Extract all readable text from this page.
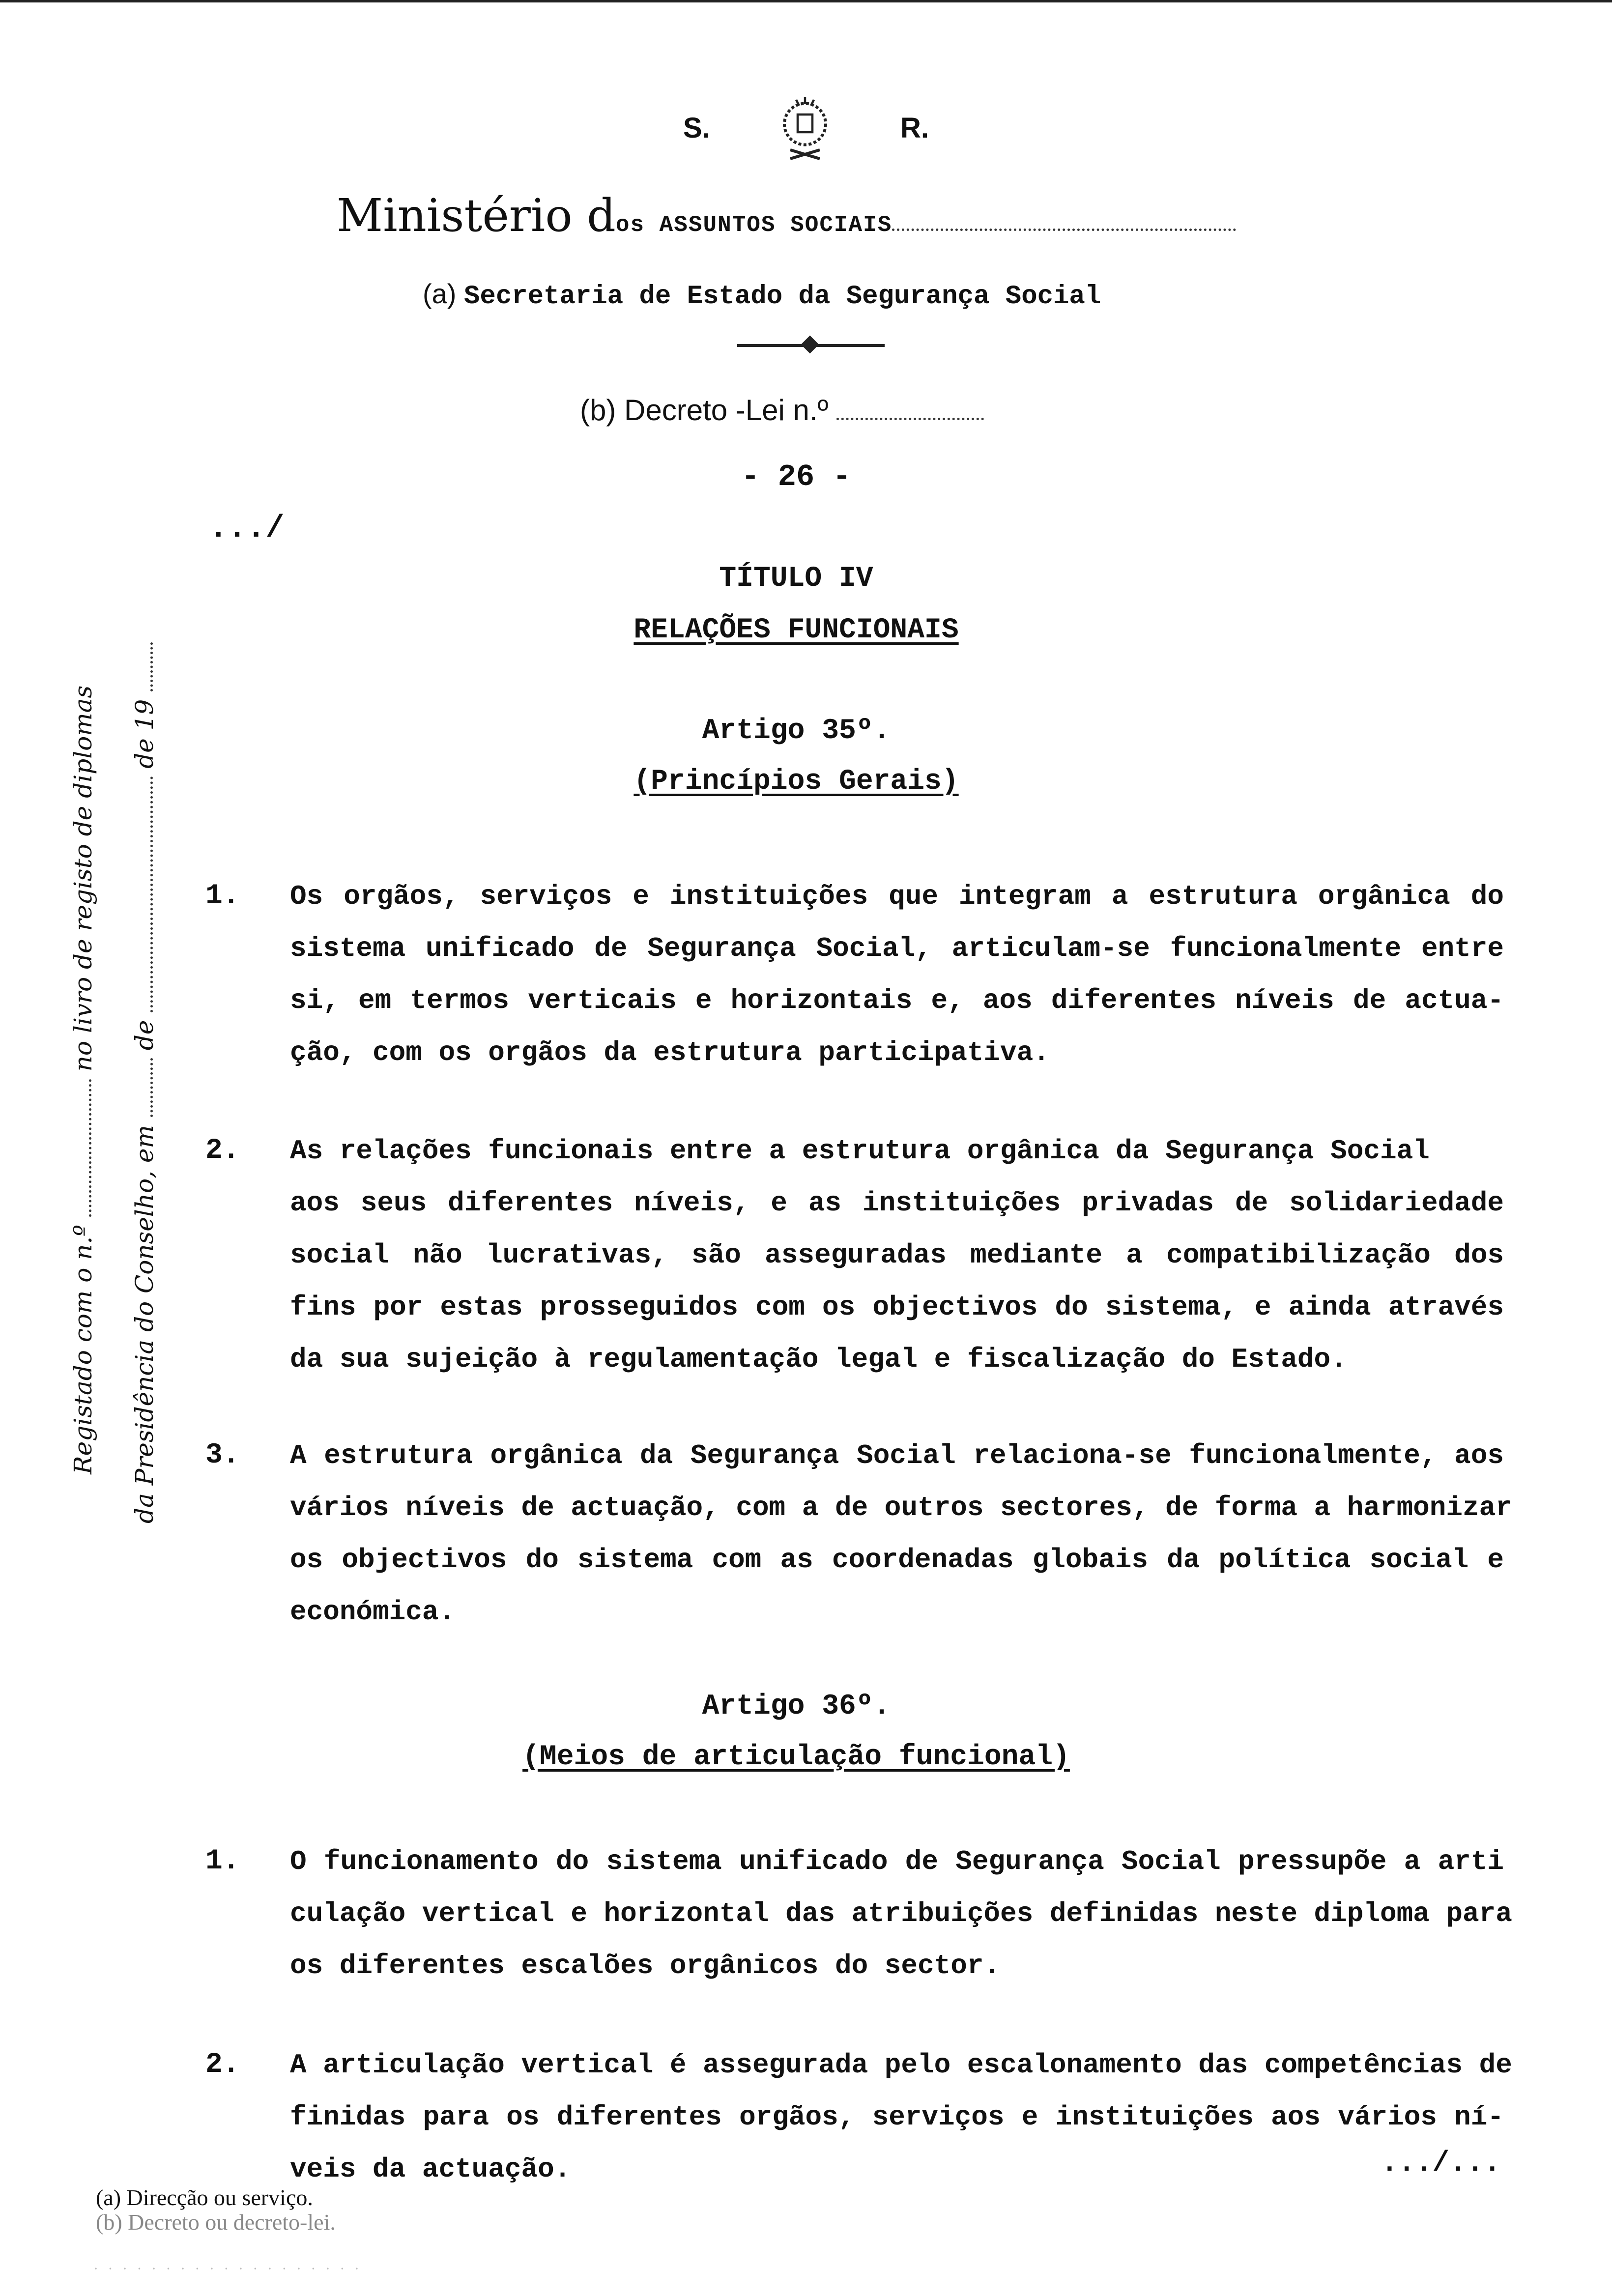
S.	R.
Ministério dos ASSUNTOS SOCIAIS
(a) Secretaria de Estado da Segurança Social
(b) Decreto -Lei n.º
- 26 -
.../
TÍTULO IV
RELAÇÕES FUNCIONAIS
Artigo 35º.
(Princípios Gerais)
1. Os orgãos, serviços e instituições que integram a estrutura orgânica do
sistema unificado de Segurança Social, articulam-se funcionalmente entre
si, em termos verticais e horizontais e, aos diferentes níveis de actua-
ção, com os orgãos da estrutura participativa.
2. As relações funcionais entre a estrutura orgânica da Segurança Social
aos seus diferentes níveis, e as instituições privadas de solidariedade
social não lucrativas, são asseguradas mediante a compatibilização dos
fins por estas prosseguidos com os objectivos do sistema, e ainda através
da sua sujeição à regulamentação legal e fiscalização do Estado.
3. A estrutura orgânica da Segurança Social relaciona-se funcionalmente, aos
vários níveis de actuação, com a de outros sectores, de forma a harmonizar
os objectivos do sistema com as coordenadas globais da política social e
económica.
Artigo 36º.
(Meios de articulação funcional)
1. O funcionamento do sistema unificado de Segurança Social pressupõe a arti
culação vertical e horizontal das atribuições definidas neste diploma para
os diferentes escalões orgânicos do sector.
2. A articulação vertical é assegurada pelo escalonamento das competências de
finidas para os diferentes orgãos, serviços e instituições aos vários ní-
veis da actuação.	.../...
Registado com o n.º  no livro de registo de diplomas
da Presidência do Conselho, em  de  de 19
(a) Direcção ou serviço.
(b) Decreto ou decreto-lei.
· · · · · · · · · · · · · · · · · · ·
